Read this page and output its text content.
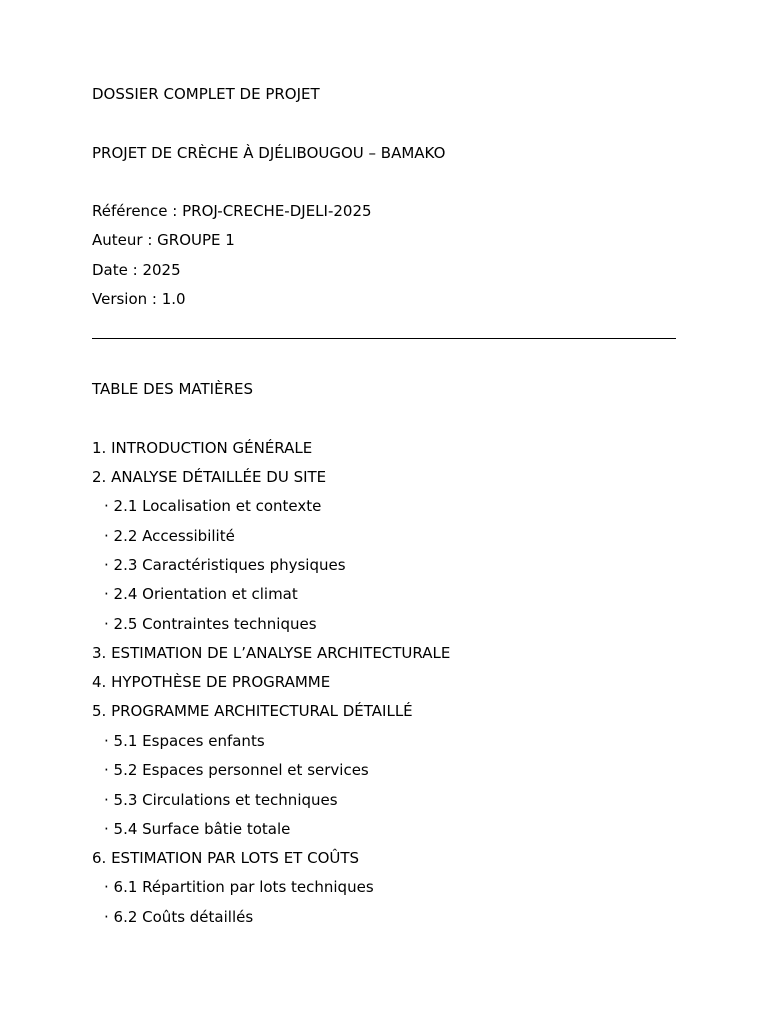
DOSSIER COMPLET DE PROJET
PROJET DE CRÈCHE À DJÉLIBOUGOU – BAMAKO
Référence : PROJ-CRECHE-DJELI-2025
Auteur : GROUPE 1
Date : 2025
Version : 1.0
TABLE DES MATIÈRES
1. INTRODUCTION GÉNÉRALE
2. ANALYSE DÉTAILLÉE DU SITE
· 2.1 Localisation et contexte
· 2.2 Accessibilité
· 2.3 Caractéristiques physiques
· 2.4 Orientation et climat
· 2.5 Contraintes techniques
3. ESTIMATION DE L’ANALYSE ARCHITECTURALE
4. HYPOTHÈSE DE PROGRAMME
5. PROGRAMME ARCHITECTURAL DÉTAILLÉ
· 5.1 Espaces enfants
· 5.2 Espaces personnel et services
· 5.3 Circulations et techniques
· 5.4 Surface bâtie totale
6. ESTIMATION PAR LOTS ET COÛTS
· 6.1 Répartition par lots techniques
· 6.2 Coûts détaillés
